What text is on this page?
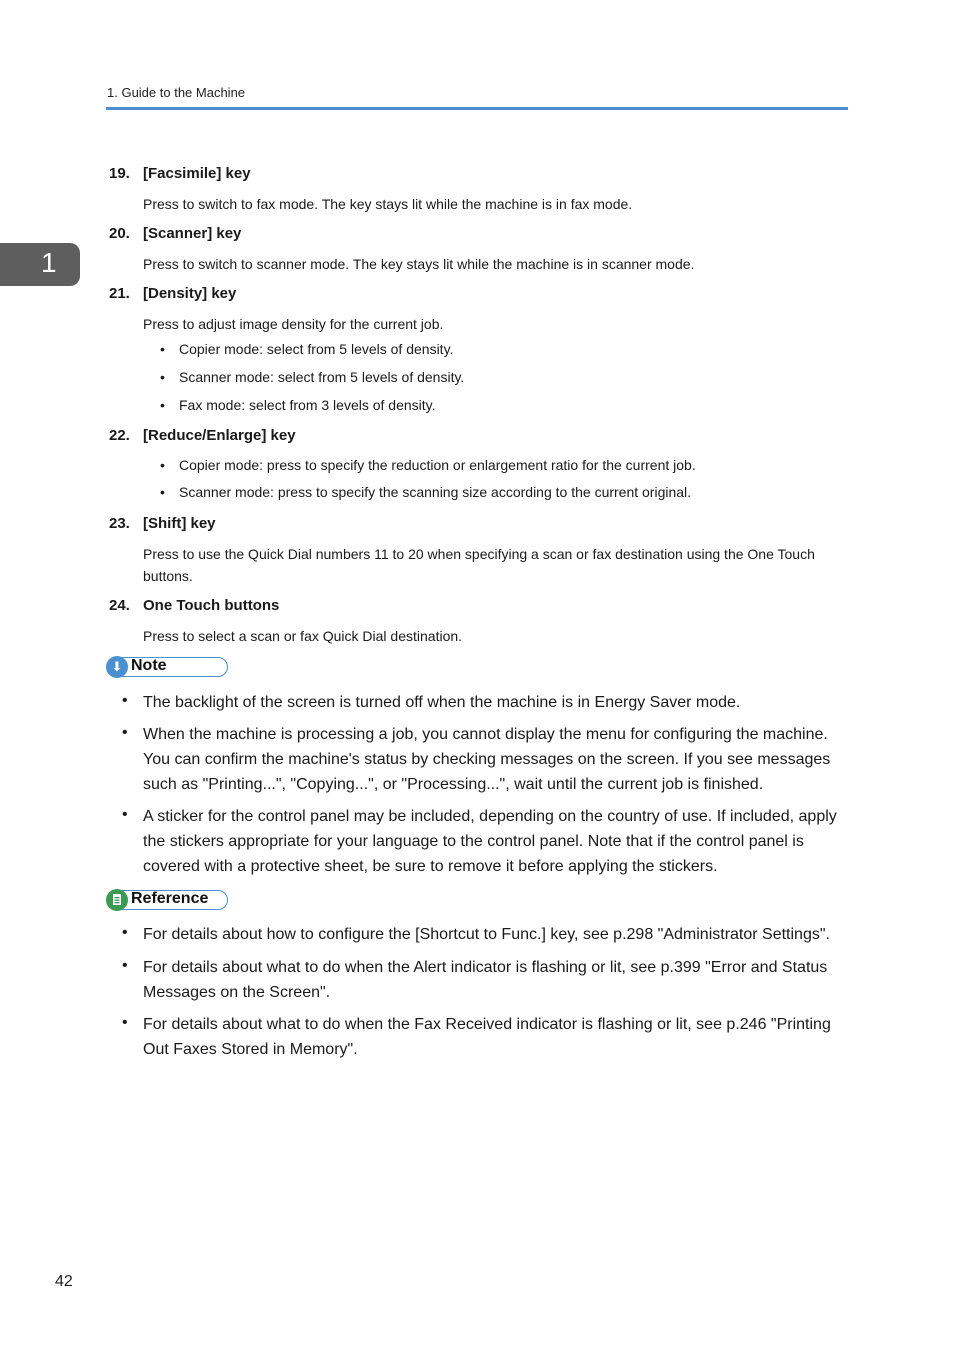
1. Guide to the Machine
1
19. [Facsimile] key
Press to switch to fax mode. The key stays lit while the machine is in fax mode.
20. [Scanner] key
Press to switch to scanner mode. The key stays lit while the machine is in scanner mode.
21. [Density] key
Press to adjust image density for the current job.
• Copier mode: select from 5 levels of density.
• Scanner mode: select from 5 levels of density.
• Fax mode: select from 3 levels of density.
22. [Reduce/Enlarge] key
• Copier mode: press to specify the reduction or enlargement ratio for the current job.
• Scanner mode: press to specify the scanning size according to the current original.
23. [Shift] key
Press to use the Quick Dial numbers 11 to 20 when specifying a scan or fax destination using the One Touch buttons.
24. One Touch buttons
Press to select a scan or fax Quick Dial destination.
⬇ Note
• The backlight of the screen is turned off when the machine is in Energy Saver mode.
• When the machine is processing a job, you cannot display the menu for configuring the machine. You can confirm the machine's status by checking messages on the screen. If you see messages such as "Printing...", "Copying...", or "Processing...", wait until the current job is finished.
• A sticker for the control panel may be included, depending on the country of use. If included, apply the stickers appropriate for your language to the control panel. Note that if the control panel is covered with a protective sheet, be sure to remove it before applying the stickers.
Reference
• For details about how to configure the [Shortcut to Func.] key, see p.298 "Administrator Settings".
• For details about what to do when the Alert indicator is flashing or lit, see p.399 "Error and Status Messages on the Screen".
• For details about what to do when the Fax Received indicator is flashing or lit, see p.246 "Printing Out Faxes Stored in Memory".
42
